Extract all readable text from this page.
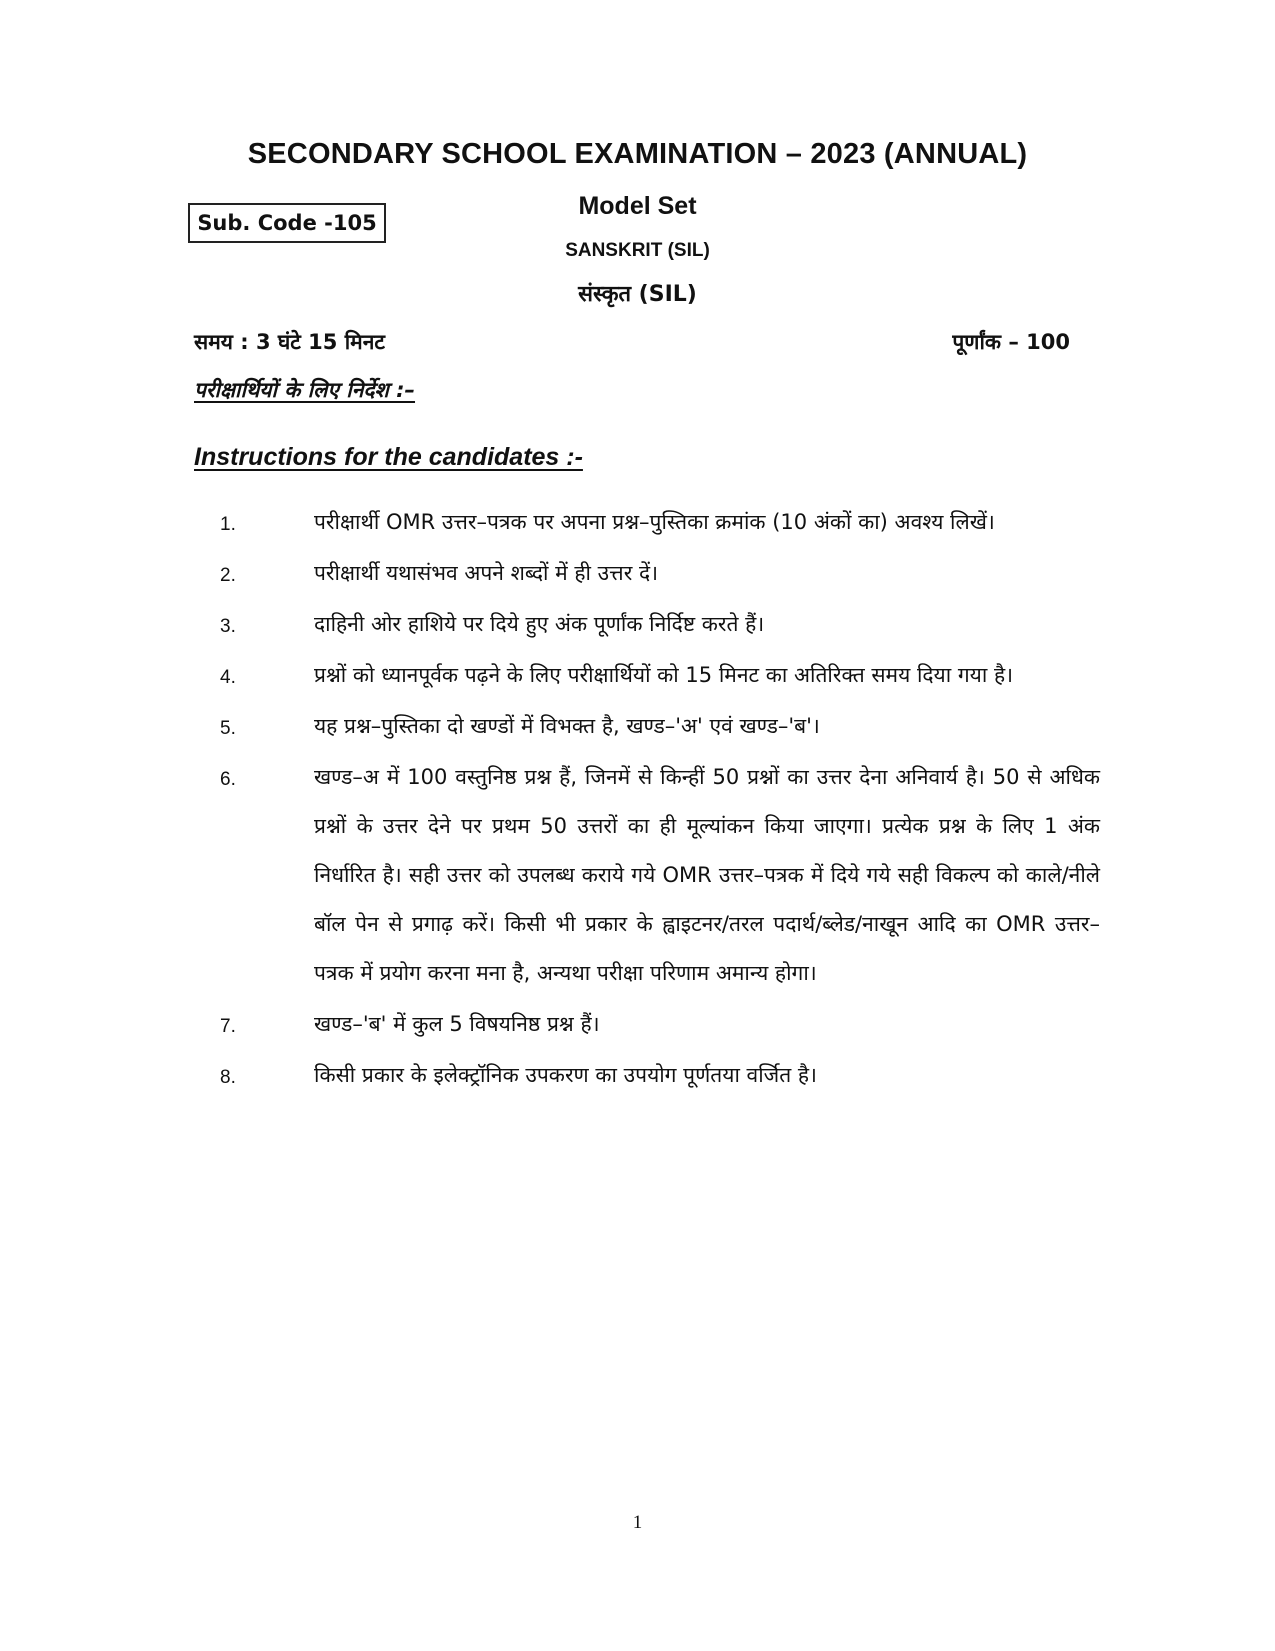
SECONDARY SCHOOL EXAMINATION – 2023 (ANNUAL)
Sub. Code -105
Model Set
SANSKRIT (SIL)
संस्कृत (SIL)
समय : 3 घंटे 15 मिनट	पूर्णांक – 100
परीक्षार्थियों के लिए निर्देश :–
Instructions for the candidates :-
1.	परीक्षार्थी OMR उत्तर–पत्रक पर अपना प्रश्न–पुस्तिका क्रमांक (10 अंकों का) अवश्य लिखें।
2.	परीक्षार्थी यथासंभव अपने शब्दों में ही उत्तर दें।
3.	दाहिनी ओर हाशिये पर दिये हुए अंक पूर्णांक निर्दिष्ट करते हैं।
4.	प्रश्नों को ध्यानपूर्वक पढ़ने के लिए परीक्षार्थियों को 15 मिनट का अतिरिक्त समय दिया गया है।
5.	यह प्रश्न–पुस्तिका दो खण्डों में विभक्त है, खण्ड–'अ' एवं खण्ड–'ब'।
6.	खण्ड–अ में 100 वस्तुनिष्ठ प्रश्न हैं, जिनमें से किन्हीं 50 प्रश्नों का उत्तर देना अनिवार्य है। 50 से अधिक प्रश्नों के उत्तर देने पर प्रथम 50 उत्तरों का ही मूल्यांकन किया जाएगा। प्रत्येक प्रश्न के लिए 1 अंक निर्धारित है। सही उत्तर को उपलब्ध कराये गये OMR उत्तर–पत्रक में दिये गये सही विकल्प को काले/नीले बॉल पेन से प्रगाढ़ करें। किसी भी प्रकार के ह्वाइटनर/तरल पदार्थ/ब्लेड/नाखून आदि का OMR उत्तर–पत्रक में प्रयोग करना मना है, अन्यथा परीक्षा परिणाम अमान्य होगा।
7.	खण्ड–'ब' में कुल 5 विषयनिष्ठ प्रश्न हैं।
8.	किसी प्रकार के इलेक्ट्रॉनिक उपकरण का उपयोग पूर्णतया वर्जित है।
1
